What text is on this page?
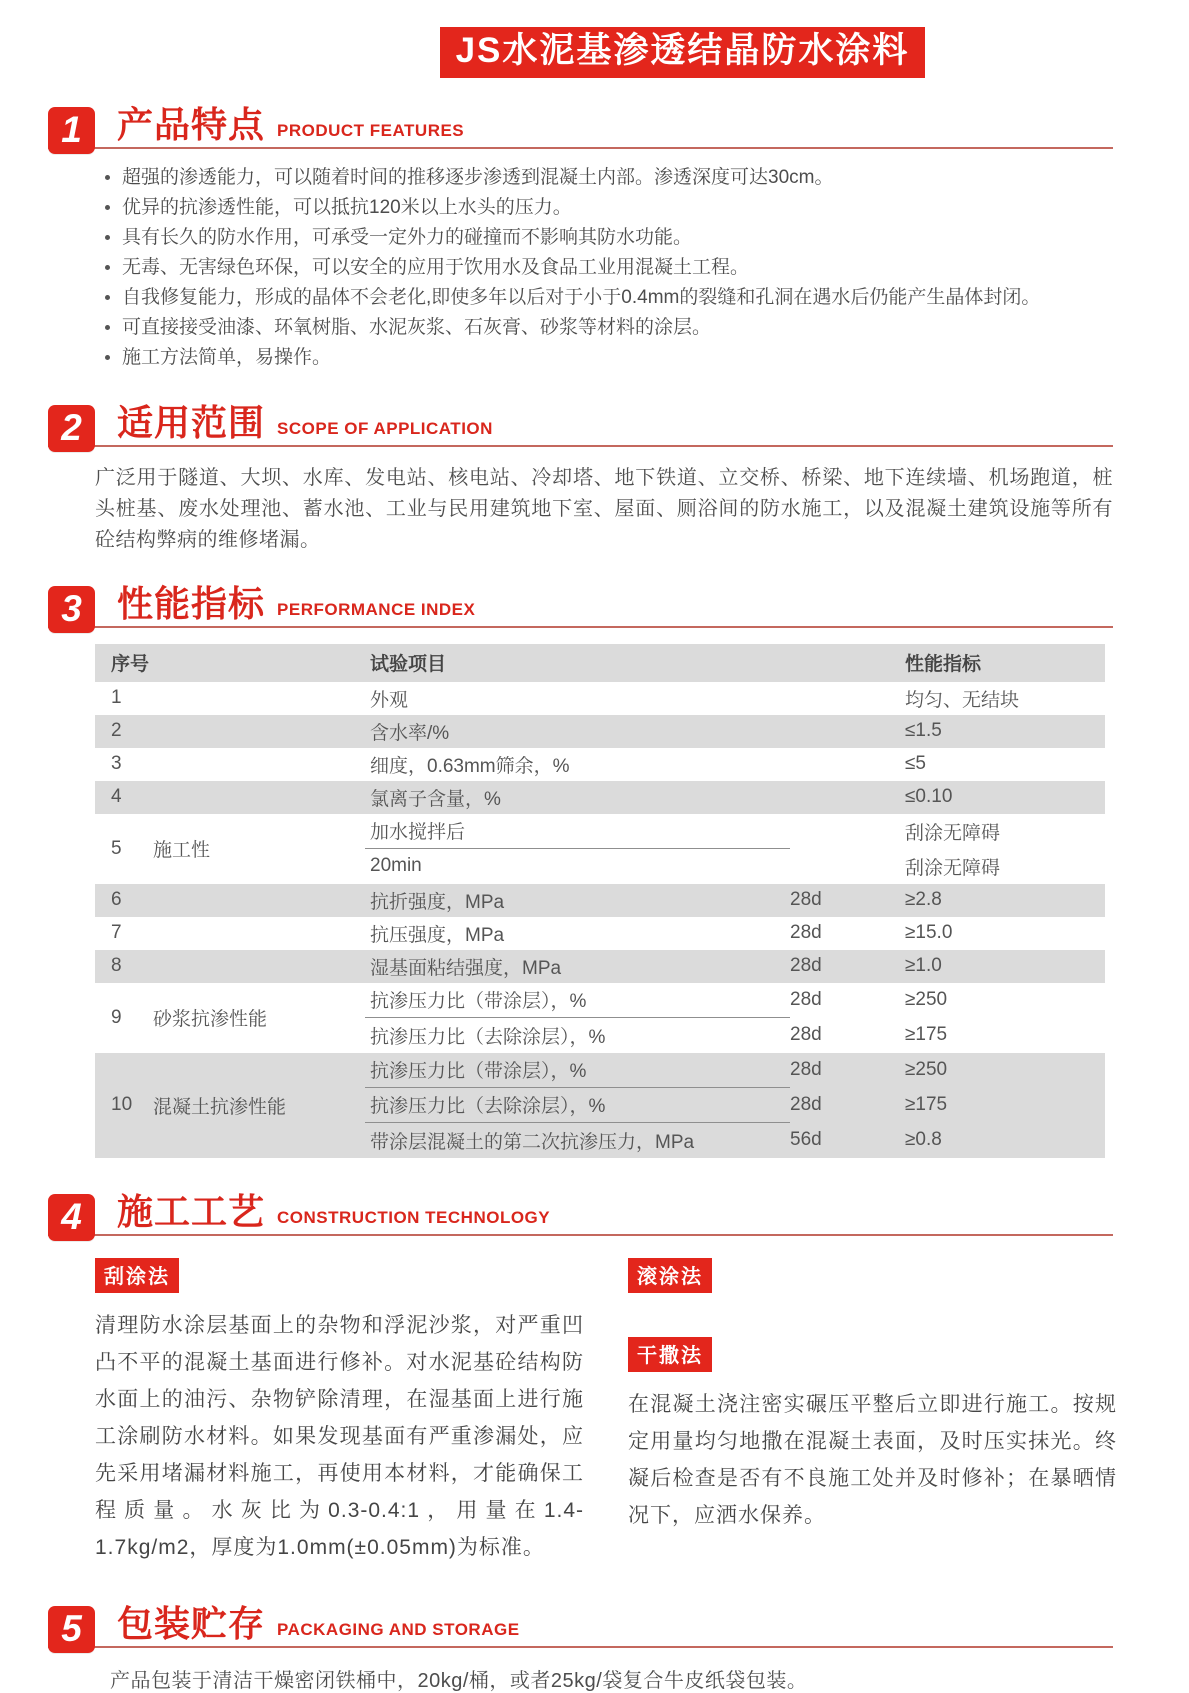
JS水泥基渗透结晶防水涂料
1 产品特点 PRODUCT FEATURES
超强的渗透能力，可以随着时间的推移逐步渗透到混凝土内部。渗透深度可达30cm。
优异的抗渗透性能，可以抵抗120米以上水头的压力。
具有长久的防水作用，可承受一定外力的碰撞而不影响其防水功能。
无毒、无害绿色环保，可以安全的应用于饮用水及食品工业用混凝土工程。
自我修复能力，形成的晶体不会老化,即使多年以后对于小于0.4mm的裂缝和孔洞在遇水后仍能产生晶体封闭。
可直接接受油漆、环氧树脂、水泥灰浆、石灰膏、砂浆等材料的涂层。
施工方法简单，易操作。
2 适用范围 SCOPE OF APPLICATION

广泛用于隧道、大坝、水库、发电站、核电站、冷却塔、地下铁道、立交桥、桥梁、地下连续墙、机场跑道，桩头桩基、废水处理池、蓄水池、工业与民用建筑地下室、屋面、厕浴间的防水施工，以及混凝土建筑设施等所有砼结构弊病的维修堵漏。

3 性能指标 PERFORMANCE INDEX
序号	试验项目	性能指标
1	外观	均匀、无结块
2	含水率/%	≤1.5
3	细度，0.63mm筛余，%	≤5
4	氯离子含量，%	≤0.10
5	施工性
加水搅拌后	刮涂无障碍
20min	刮涂无障碍
6	抗折强度，MPa	28d	≥2.8
7	抗压强度，MPa	28d	≥15.0
8	湿基面粘结强度，MPa	28d	≥1.0
9	砂浆抗渗性能
抗渗压力比（带涂层），%	28d	≥250
抗渗压力比（去除涂层），%	28d	≥175
10	混凝土抗渗性能
抗渗压力比（带涂层），%	28d	≥250
抗渗压力比（去除涂层），%	28d	≥175
带涂层混凝土的第二次抗渗压力，MPa	56d	≥0.8
4 施工工艺 CONSTRUCTION TECHNOLOGY
刮涂法

清理防水涂层基面上的杂物和浮泥沙浆，对严重凹凸不平的混凝土基面进行修补。对水泥基砼结构防水面上的油污、杂物铲除清理，在湿基面上进行施工涂刷防水材料。如果发现基面有严重渗漏处，应先采用堵漏材料施工，再使用本材料，才能确保工程质量。水灰比为0.3-0.4:1，用量在1.4-1.7kg/m2，厚度为1.0mm(±0.05mm)为标准。

滚涂法

干撒法

在混凝土浇注密实碾压平整后立即进行施工。按规定用量均匀地撒在混凝土表面，及时压实抹光。终凝后检查是否有不良施工处并及时修补；在暴晒情况下，应洒水保养。

5 包装贮存 PACKAGING AND STORAGE

产品包装于清洁干燥密闭铁桶中，20kg/桶，或者25kg/袋复合牛皮纸袋包装。
